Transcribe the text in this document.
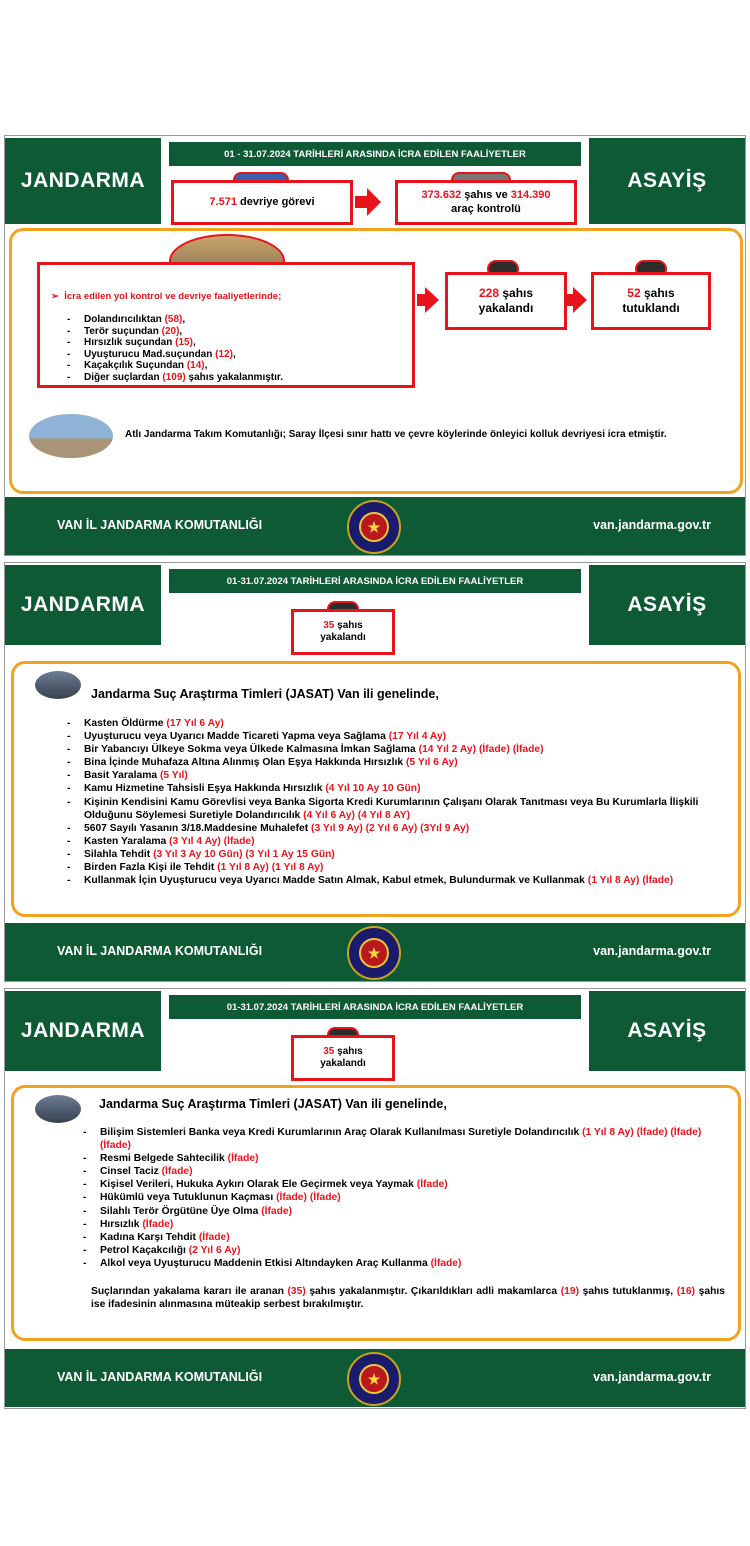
JANDARMA	ASAYİŞ
01 - 31.07.2024 TARİHLERİ ARASINDA İCRA EDİLEN FAALİYETLER
7.571
devriye görevi
373.632 şahıs ve 314.390
araç kontrolü
➢  İcra edilen yol kontrol ve devriye faaliyetlerinde;
- Dolandırıcılıktan (58),
- Terör suçundan (20),
- Hırsızlık suçundan (15),
- Uyuşturucu Mad.suçundan (12),
- Kaçakçılık Suçundan (14),
- Diğer suçlardan (109) şahıs yakalanmıştır.
228 şahıs
yakalandı
52 şahıs
tutuklandı
Atlı Jandarma Takım Komutanlığı; Saray İlçesi sınır hattı ve çevre köylerinde önleyici kolluk devriyesi icra etmiştir.
VAN İL JANDARMA KOMUTANLIĞI	★	van.jandarma.gov.tr
JANDARMA	ASAYİŞ
01-31.07.2024 TARİHLERİ ARASINDA İCRA EDİLEN FAALİYETLER
35 şahıs
yakalandı
Jandarma Suç Araştırma Timleri (JASAT) Van ili genelinde,
- Kasten Öldürme (17 Yıl 6 Ay)
- Uyuşturucu veya Uyarıcı Madde Ticareti Yapma veya Sağlama (17 Yıl 4 Ay)
- Bir Yabancıyı Ülkeye Sokma veya Ülkede Kalmasına İmkan Sağlama (14 Yıl 2 Ay) (İfade) (İfade)
- Bina İçinde Muhafaza Altına Alınmış Olan Eşya Hakkında Hırsızlık (5 Yıl 6 Ay)
- Basit Yaralama (5 Yıl)
- Kamu Hizmetine Tahsisli Eşya Hakkında Hırsızlık (4 Yıl 10 Ay 10 Gün)
- Kişinin Kendisini Kamu Görevlisi veya Banka Sigorta Kredi Kurumlarının Çalışanı Olarak Tanıtması veya Bu Kurumlarla İlişkili Olduğunu Söylemesi Suretiyle Dolandırıcılık (4 Yıl 6 Ay) (4 Yıl 8 AY)
- 5607 Sayılı Yasanın 3/18.Maddesine Muhalefet (3 Yıl 9 Ay) (2 Yıl 6 Ay) (3Yıl 9 Ay)
- Kasten Yaralama (3 Yıl 4 Ay) (İfade)
- Silahla Tehdit (3 Yıl 3 Ay 10 Gün) (3 Yıl 1 Ay 15 Gün)
- Birden Fazla Kişi ile Tehdit (1 Yıl 8 Ay) (1 Yıl 8 Ay)
- Kullanmak İçin Uyuşturucu veya Uyarıcı Madde Satın Almak, Kabul etmek, Bulundurmak ve Kullanmak (1 Yıl 8 Ay) (İfade)
VAN İL JANDARMA KOMUTANLIĞI	★	van.jandarma.gov.tr
JANDARMA	ASAYİŞ
01-31.07.2024 TARİHLERİ ARASINDA İCRA EDİLEN FAALİYETLER
35 şahıs
yakalandı
Jandarma Suç Araştırma Timleri (JASAT) Van ili genelinde,
- Bilişim Sistemleri Banka veya Kredi Kurumlarının Araç Olarak Kullanılması Suretiyle Dolandırıcılık (1 Yıl 8 Ay) (İfade) (İfade) (İfade)
- Resmi Belgede Sahtecilik (İfade)
- Cinsel Taciz (İfade)
- Kişisel Verileri, Hukuka Aykırı Olarak Ele Geçirmek veya Yaymak (İfade)
- Hükümlü veya Tutuklunun Kaçması (İfade) (İfade)
- Silahlı Terör Örgütüne Üye Olma (İfade)
- Hırsızlık (İfade)
- Kadına Karşı Tehdit (İfade)
- Petrol Kaçakcılığı (2 Yıl 6 Ay)
- Alkol veya Uyuşturucu Maddenin Etkisi Altındayken Araç Kullanma (İfade)
Suçlarından yakalama kararı ile aranan (35) şahıs yakalanmıştır. Çıkarıldıkları adli makamlarca (19) şahıs tutuklanmış, (16) şahıs ise ifadesinin alınmasına müteakip serbest bırakılmıştır.
VAN İL JANDARMA KOMUTANLIĞI	★	van.jandarma.gov.tr
